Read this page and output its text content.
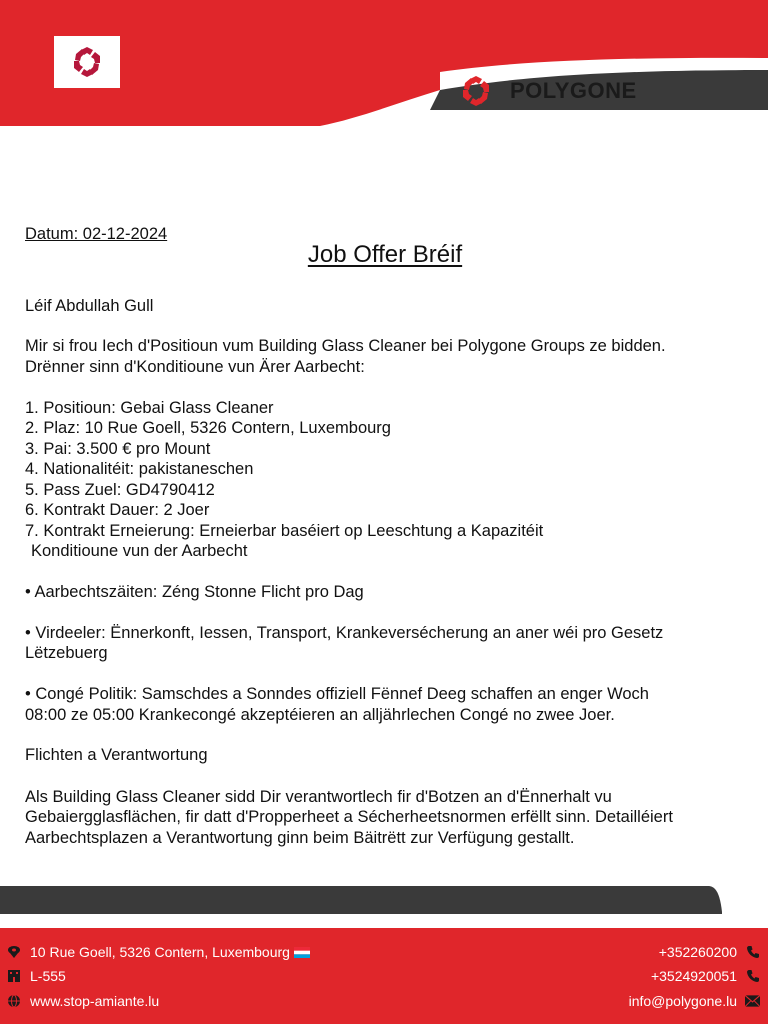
POLYGONE
Datum: 02-12-2024
Job Offer Bréif
Léif Abdullah Gull
Mir si frou Iech d'Positioun vum Building Glass Cleaner bei Polygone Groups ze bidden.
Drënner sinn d'Konditioune vun Ärer Aarbecht:
1. Positioun: Gebai Glass Cleaner
2. Plaz: 10 Rue Goell, 5326 Contern, Luxembourg
3. Pai: 3.500 € pro Mount
4. Nationalitéit: pakistaneschen
5. Pass Zuel: GD4790412
6. Kontrakt Dauer: 2 Joer
7. Kontrakt Erneierung: Erneierbar baséiert op Leeschtung a Kapazitéit
Konditioune vun der Aarbecht
• Aarbechtszäiten: Zéng Stonne Flicht pro Dag
• Virdeeler: Ënnerkonft, Iessen, Transport, Krankeversécherung an aner wéi pro Gesetz
Lëtzebuerg
• Congé Politik: Samschdes a Sonndes offiziell Fënnef Deeg schaffen an enger Woch
08:00 ze 05:00 Krankecongé akzeptéieren an alljährlechen Congé no zwee Joer.
Flichten a Verantwortung
Als Building Glass Cleaner sidd Dir verantwortlech fir d'Botzen an d'Ënnerhalt vu
Gebaiergglasflächen, fir datt d'Propperheet a Sécherheetsnormen erfëllt sinn. Detailléiert
Aarbechtsplazen a Verantwortung ginn beim Bäitrëtt zur Verfügung gestallt.
10 Rue Goell, 5326 Contern, Luxembourg
L-555
www.stop-amiante.lu
+352260200
+3524920051
info@polygone.lu
